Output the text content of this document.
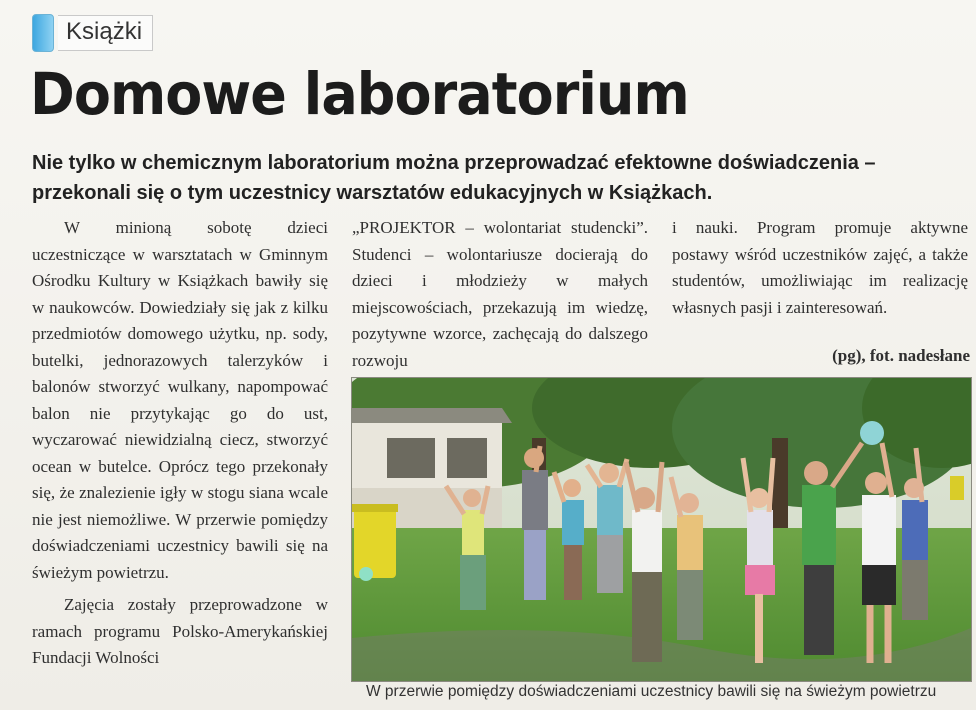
Książki
Domowe laboratorium

Nie tylko w chemicznym laboratorium można przeprowadzać efektowne doświadczenia – przekonali się o tym uczestnicy warsztatów edukacyjnych w Książkach.

W minioną sobotę dzieci uczestniczące w warsztatach w Gminnym Ośrodku Kultury w Książkach bawiły się w naukowców. Dowiedziały się jak z kilku przedmiotów domowego użytku, np. sody, butelki, jednorazowych talerzyków i balonów stworzyć wulkany, napompować balon nie przytykając go do ust, wyczarować niewidzialną ciecz, stworzyć ocean w butelce. Oprócz tego przekonały się, że znalezienie igły w stogu siana wcale nie jest niemożliwe. W przerwie pomiędzy doświadczeniami uczestnicy bawili się na świeżym powietrzu.

Zajęcia zostały przeprowadzone w ramach programu Polsko-Amerykańskiej Fundacji Wolności

„PROJEKTOR – wolontariat studencki”. Studenci – wolontariusze docierają do dzieci i młodzieży w małych miejscowościach, przekazują im wiedzę, pozytywne wzorce, zachęcają do dalszego rozwoju

i nauki. Program promuje aktywne postawy wśród uczestników zajęć, a także studentów, umożliwiając im realizację własnych pasji i zainteresowań.

(pg), fot. nadesłane
W przerwie pomiędzy doświadczeniami uczestnicy bawili się na świeżym powietrzu
